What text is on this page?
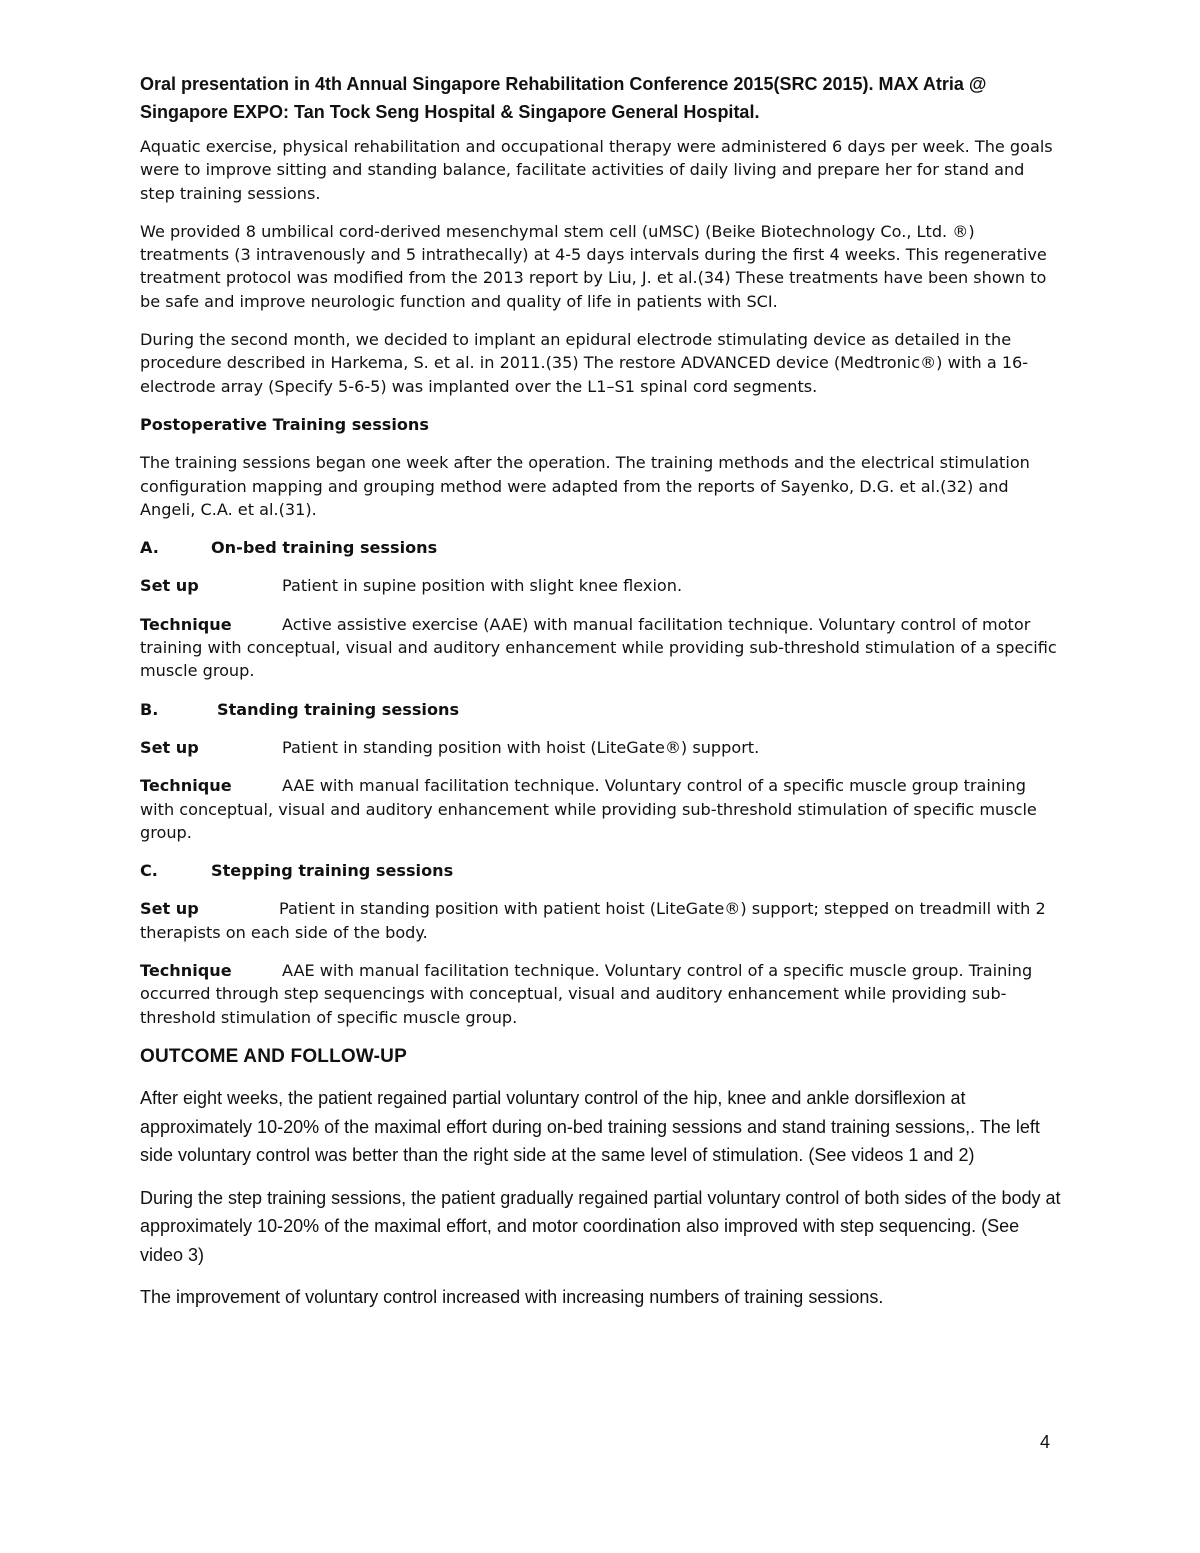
Oral presentation in 4th Annual Singapore Rehabilitation Conference 2015(SRC 2015). MAX Atria @ Singapore EXPO: Tan Tock Seng Hospital & Singapore General Hospital.

Aquatic exercise, physical rehabilitation and occupational therapy were administered 6 days per week. The goals were to improve sitting and standing balance, facilitate activities of daily living and prepare her for stand and step training sessions.

We provided 8 umbilical cord-derived mesenchymal stem cell (uMSC) (Beike Biotechnology Co., Ltd. ®) treatments (3 intravenously and 5 intrathecally) at 4-5 days intervals during the first 4 weeks. This regenerative treatment protocol was modified from the 2013 report by Liu, J. et al.(34) These treatments have been shown to be safe and improve neurologic function and quality of life in patients with SCI.

During the second month, we decided to implant an epidural electrode stimulating device as detailed in the procedure described in Harkema, S. et al. in 2011.(35) The restore ADVANCED device (Medtronic®) with a 16-electrode array (Specify 5-6-5) was implanted over the L1–S1 spinal cord segments.

Postoperative Training sessions

The training sessions began one week after the operation. The training methods and the electrical stimulation configuration mapping and grouping method were adapted from the reports of Sayenko, D.G. et al.(32) and Angeli, C.A. et al.(31).

A.	On-bed training sessions

Set up	Patient in supine position with slight knee flexion.

Technique	Active assistive exercise (AAE) with manual facilitation technique. Voluntary control of motor training with conceptual, visual and auditory enhancement while providing sub-threshold stimulation of a specific muscle group.

B.	Standing training sessions

Set up	Patient in standing position with hoist (LiteGate®) support.

Technique	AAE with manual facilitation technique. Voluntary control of a specific muscle group training with conceptual, visual and auditory enhancement while providing sub-threshold stimulation of specific muscle group.

C.	Stepping training sessions

Set up	Patient in standing position with patient hoist (LiteGate®) support; stepped on treadmill with 2 therapists on each side of the body.

Technique	AAE with manual facilitation technique. Voluntary control of a specific muscle group. Training occurred through step sequencings with conceptual, visual and auditory enhancement while providing sub-threshold stimulation of specific muscle group.

OUTCOME AND FOLLOW-UP

After eight weeks, the patient regained partial voluntary control of the hip, knee and ankle dorsiflexion at approximately 10-20% of the maximal effort during on-bed training sessions and stand training sessions,. The left side voluntary control was better than the right side at the same level of stimulation. (See videos 1 and 2)

During the step training sessions, the patient gradually regained partial voluntary control of both sides of the body at approximately 10-20% of the maximal effort, and motor coordination also improved with step sequencing. (See video 3)

The improvement of voluntary control increased with increasing numbers of training sessions.

4
